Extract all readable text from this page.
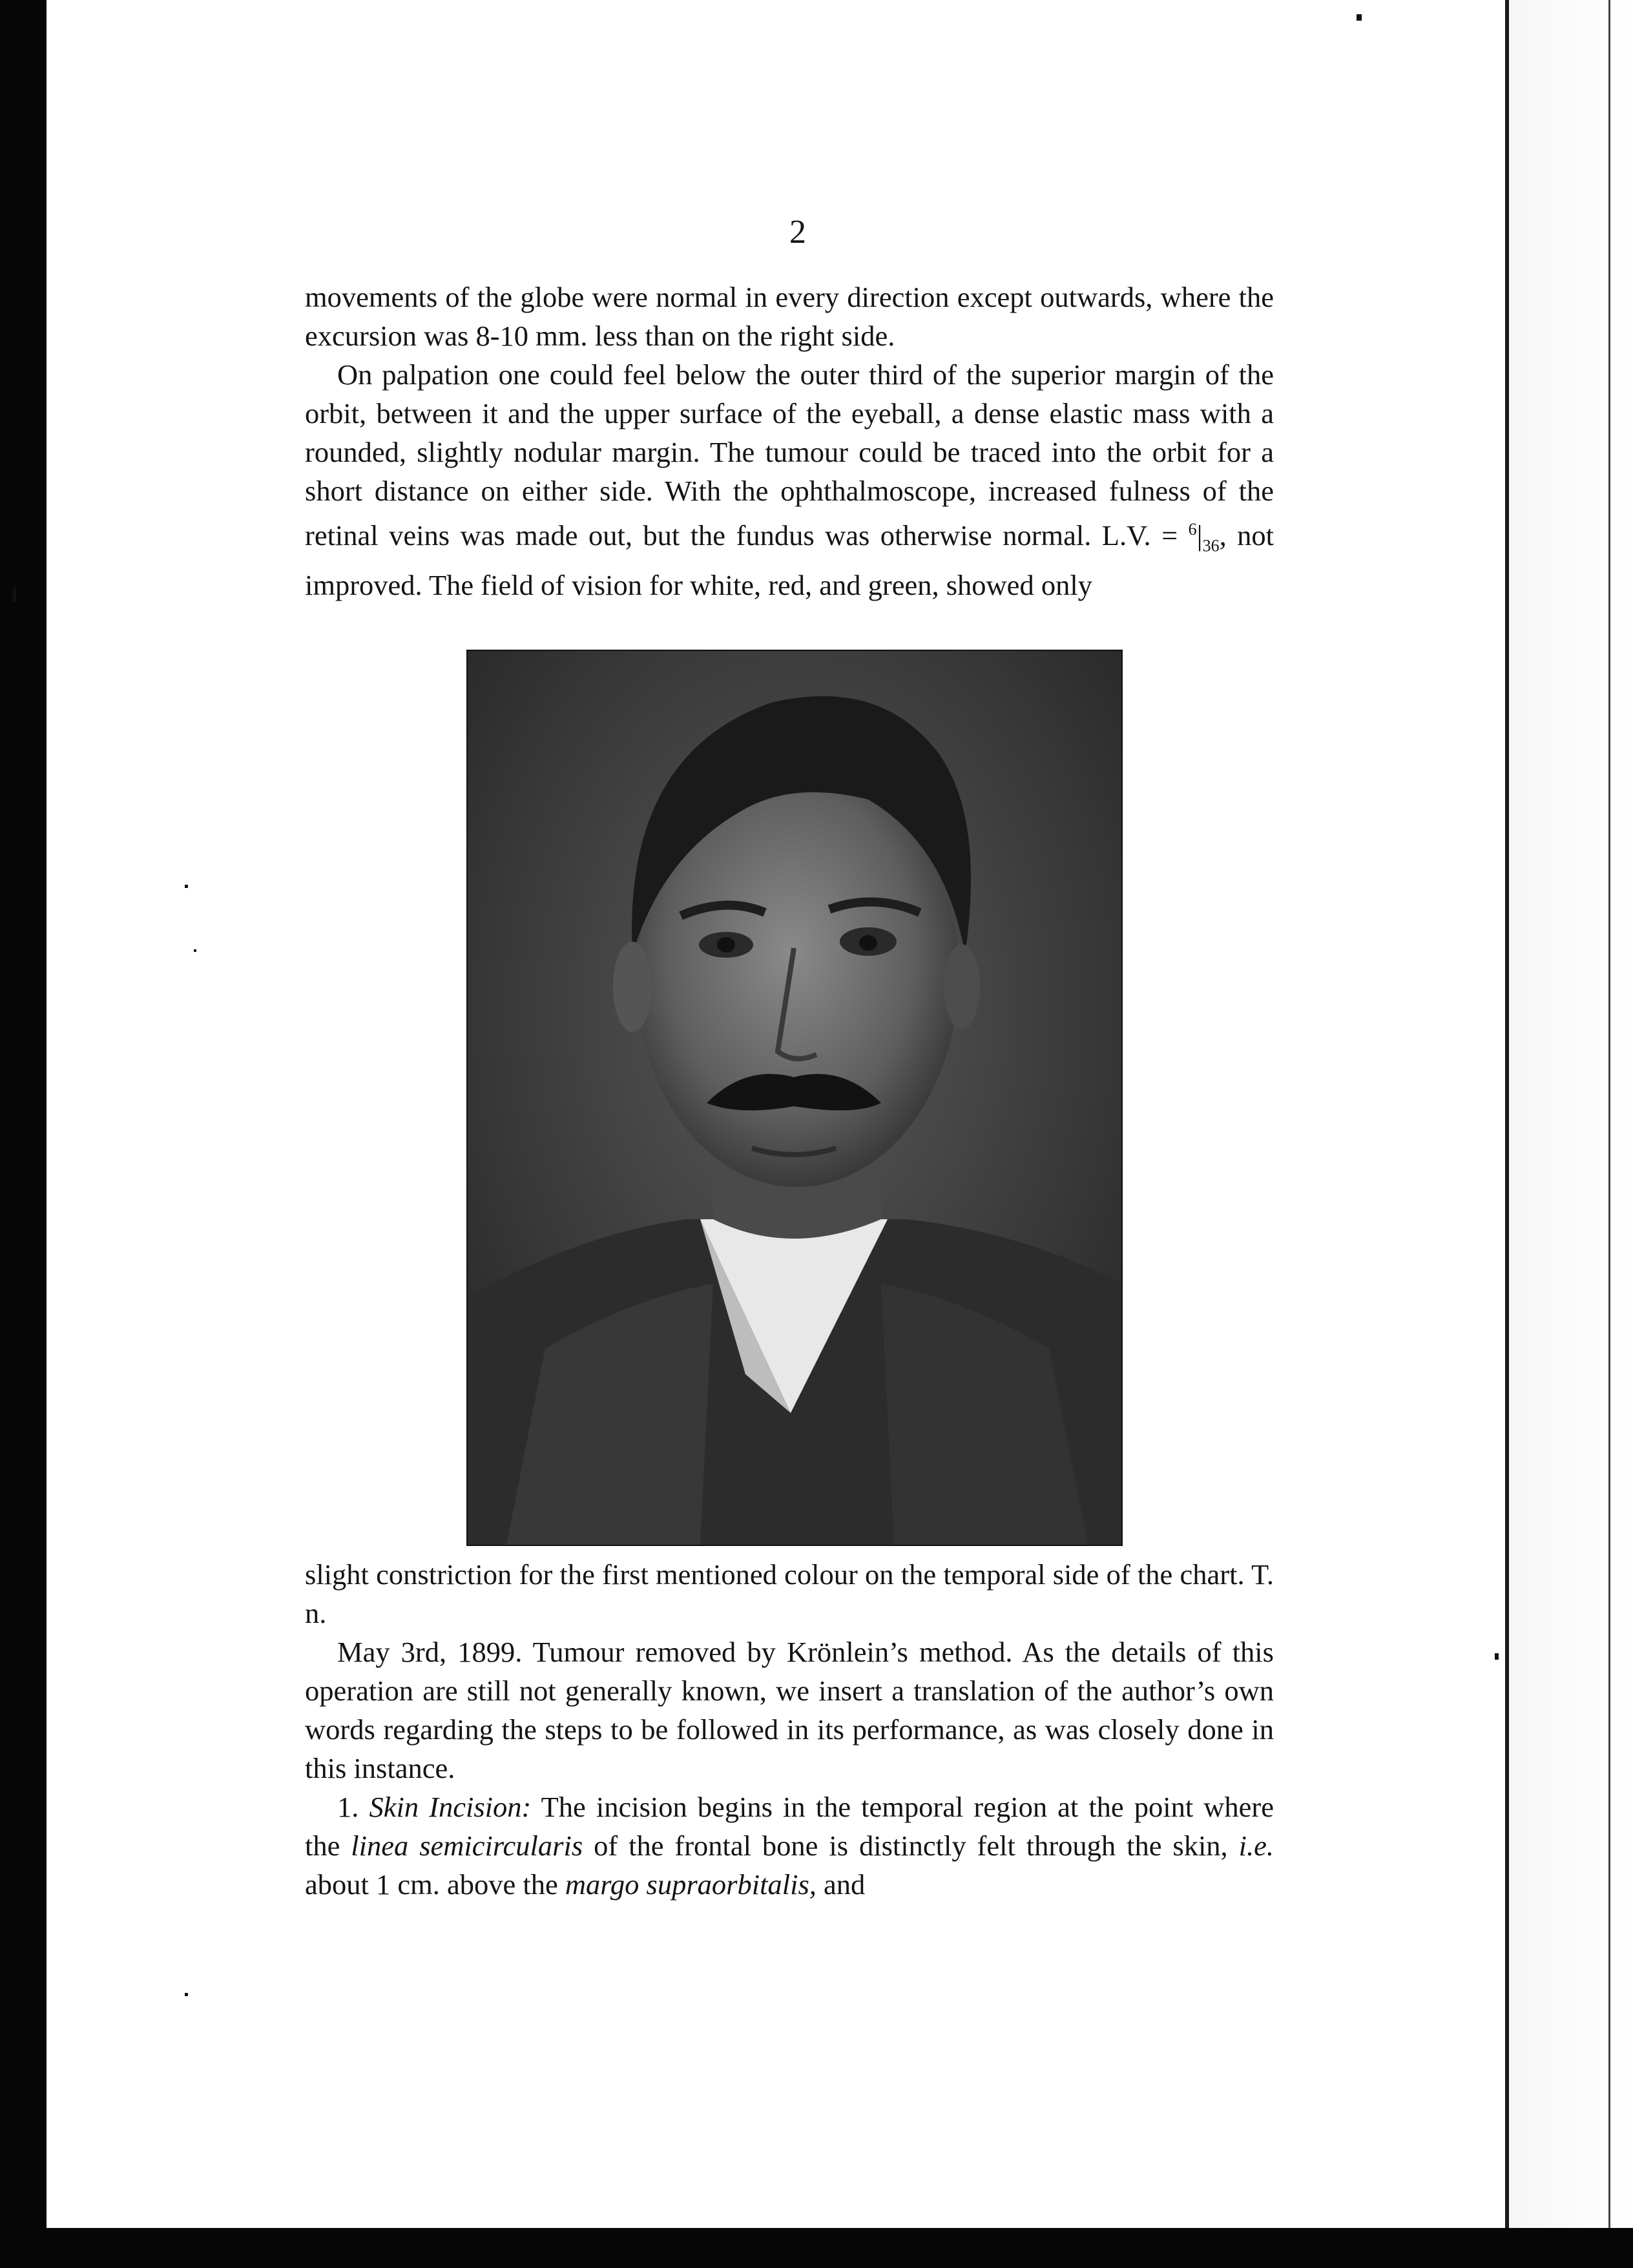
2

movements of the globe were normal in every direction except outwards, where the excursion was 8-10 mm. less than on the right side.

On palpation one could feel below the outer third of the superior margin of the orbit, between it and the upper surface of the eyeball, a dense elastic mass with a rounded, slightly nodular margin. The tumour could be traced into the orbit for a short distance on either side. With the ophthalmoscope, increased fulness of the retinal veins was made out, but the fundus was otherwise normal. L.V. = $^6|_{36}$, not improved. The field of vision for white, red, and green, showed only

slight constriction for the first mentioned colour on the temporal side of the chart. T. n.

May 3rd, 1899. Tumour removed by Krönlein’s method. As the details of this operation are still not generally known, we insert a translation of the author’s own words regarding the steps to be followed in its performance, as was closely done in this instance.

1. Skin Incision: The incision begins in the temporal region at the point where the linea semicircularis of the frontal bone is distinctly felt through the skin, i.e. about 1 cm. above the margo supraorbitalis, and
